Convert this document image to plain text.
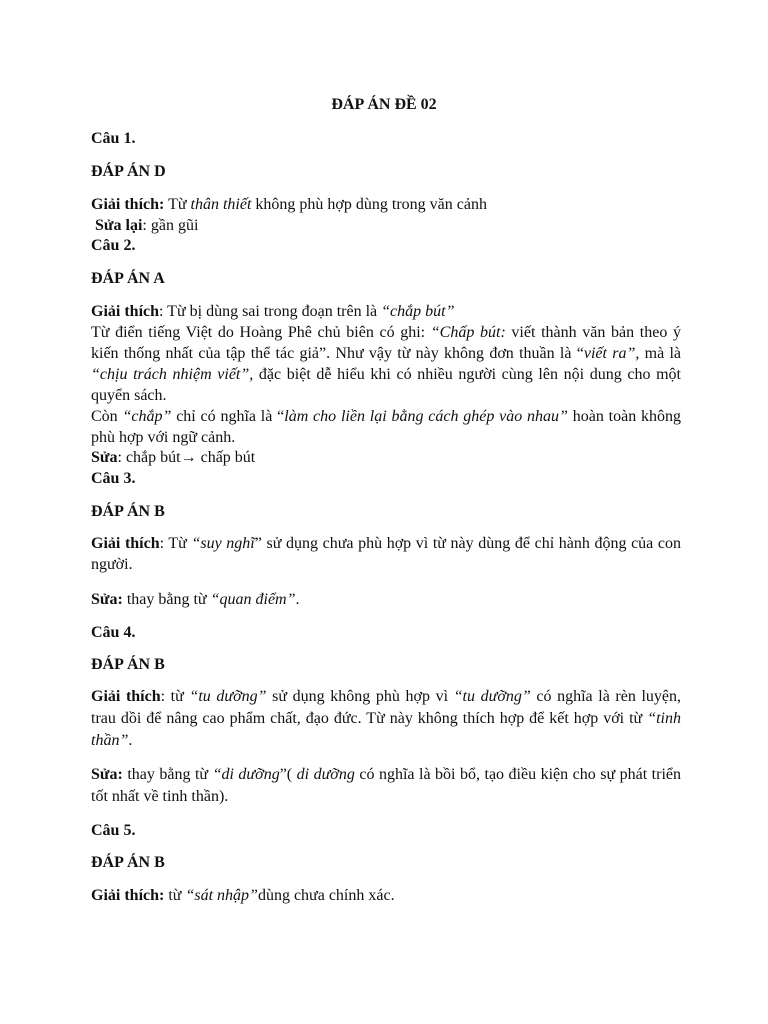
ĐÁP ÁN ĐỀ 02

Câu 1.

ĐÁP ÁN D

Giải thích: Từ thân thiết không phù hợp dùng trong văn cảnh

Sửa lại: gần gũi

Câu 2.

ĐÁP ÁN A

Giải thích: Từ bị dùng sai trong đoạn trên là “chắp bút”

Từ điển tiếng Việt do Hoàng Phê chủ biên có ghi: “Chấp bút: viết thành văn bản theo ý kiến thống nhất của tập thể tác giả”. Như vậy từ này không đơn thuần là “viết ra”, mà là “chịu trách nhiệm viết”, đặc biệt dễ hiểu khi có nhiều người cùng lên nội dung cho một quyển sách.

Còn “chắp” chỉ có nghĩa là “làm cho liền lại bằng cách ghép vào nhau” hoàn toàn không phù hợp với ngữ cảnh.

Sửa: chắp bút→ chấp bút

Câu 3.

ĐÁP ÁN B

Giải thích: Từ “suy nghĩ” sử dụng chưa phù hợp vì từ này dùng để chỉ hành động của con người.

Sửa: thay bằng từ “quan điểm”.

Câu 4.

ĐÁP ÁN B

Giải thích: từ “tu dưỡng” sử dụng không phù hợp vì “tu dưỡng” có nghĩa là rèn luyện, trau dồi để nâng cao phẩm chất, đạo đức. Từ này không thích hợp để kết hợp với từ “tinh thần”.

Sửa: thay bằng từ “di dưỡng”( di dưỡng có nghĩa là bồi bổ, tạo điều kiện cho sự phát triển tốt nhất về tinh thần).

Câu 5.

ĐÁP ÁN B

Giải thích: từ “sát nhập”dùng chưa chính xác.
